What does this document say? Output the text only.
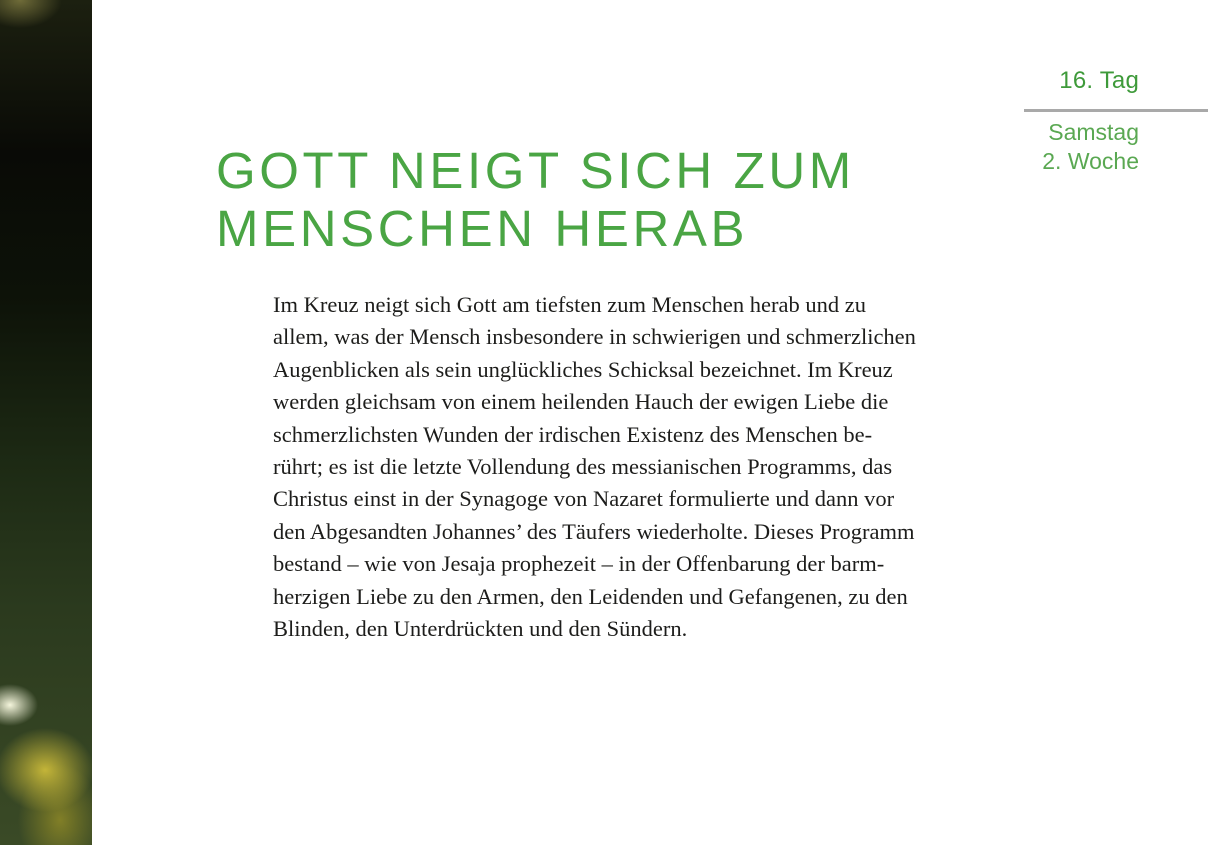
16. Tag
Samstag
2. Woche
GOTT NEIGT SICH ZUM
MENSCHEN HERAB

Im Kreuz neigt sich Gott am tiefsten zum Menschen herab und zu
allem, was der Mensch insbesondere in schwierigen und schmerzlichen
Augenblicken als sein unglückliches Schicksal bezeichnet. Im Kreuz
werden gleichsam von einem heilenden Hauch der ewigen Liebe die
schmerzlichsten Wunden der irdischen Existenz des Menschen be-
rührt; es ist die letzte Vollendung des messianischen Programms, das
Christus einst in der Synagoge von Nazaret formulierte und dann vor
den Abgesandten Johannes’ des Täufers wiederholte. Dieses Programm
bestand – wie von Jesaja prophezeit – in der Offenbarung der barm-
herzigen Liebe zu den Armen, den Leidenden und Gefangenen, zu den
Blinden, den Unterdrückten und den Sündern.
